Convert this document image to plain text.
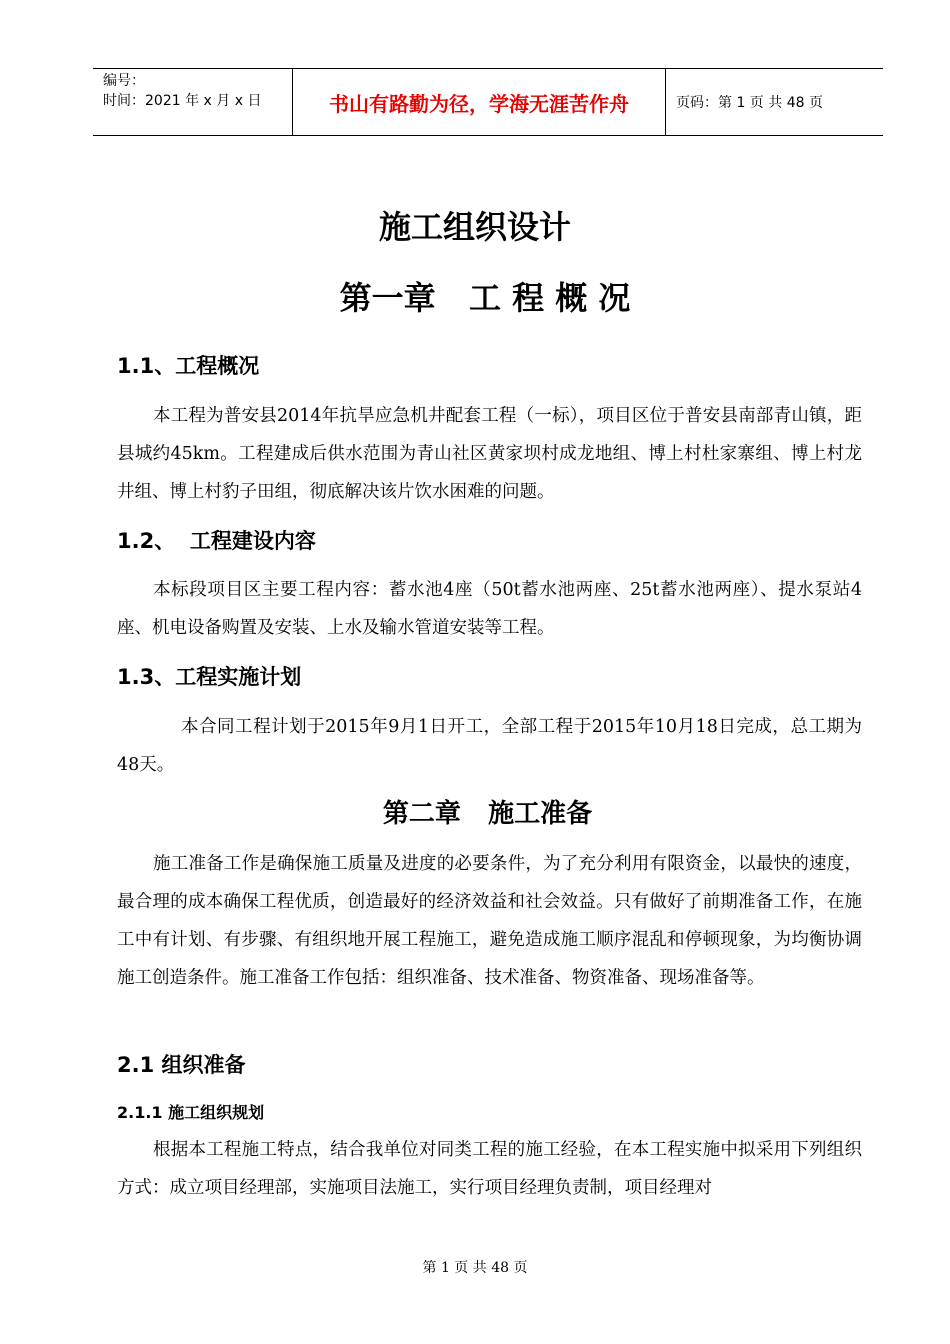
编号：
时间：2021 年 x 月 x 日	书山有路勤为径，学海无涯苦作舟	页码：第 1 页 共 48 页
施工组织设计
第一章   工 程 概 况
1.1、工程概况
本工程为普安县2014年抗旱应急机井配套工程（一标），项目区位于普安县南部青山镇，距县城约45km。工程建成后供水范围为青山社区黄家坝村成龙地组、博上村杜家寨组、博上村龙井组、博上村豹子田组，彻底解决该片饮水困难的问题。
1.2、  工程建设内容
本标段项目区主要工程内容：蓄水池4座（50t蓄水池两座、25t蓄水池两座）、提水泵站4座、机电设备购置及安装、上水及输水管道安装等工程。
1.3、工程实施计划
本合同工程计划于2015年9月1日开工，全部工程于2015年10月18日完成，总工期为48天。
第二章   施工准备
施工准备工作是确保施工质量及进度的必要条件，为了充分利用有限资金，以最快的速度，最合理的成本确保工程优质，创造最好的经济效益和社会效益。只有做好了前期准备工作，在施工中有计划、有步骤、有组织地开展工程施工，避免造成施工顺序混乱和停顿现象，为均衡协调施工创造条件。施工准备工作包括：组织准备、技术准备、物资准备、现场准备等。
2.1 组织准备
2.1.1 施工组织规划
根据本工程施工特点，结合我单位对同类工程的施工经验，在本工程实施中拟采用下列组织方式：成立项目经理部，实施项目法施工，实行项目经理负责制，项目经理对
第 1 页 共 48 页
